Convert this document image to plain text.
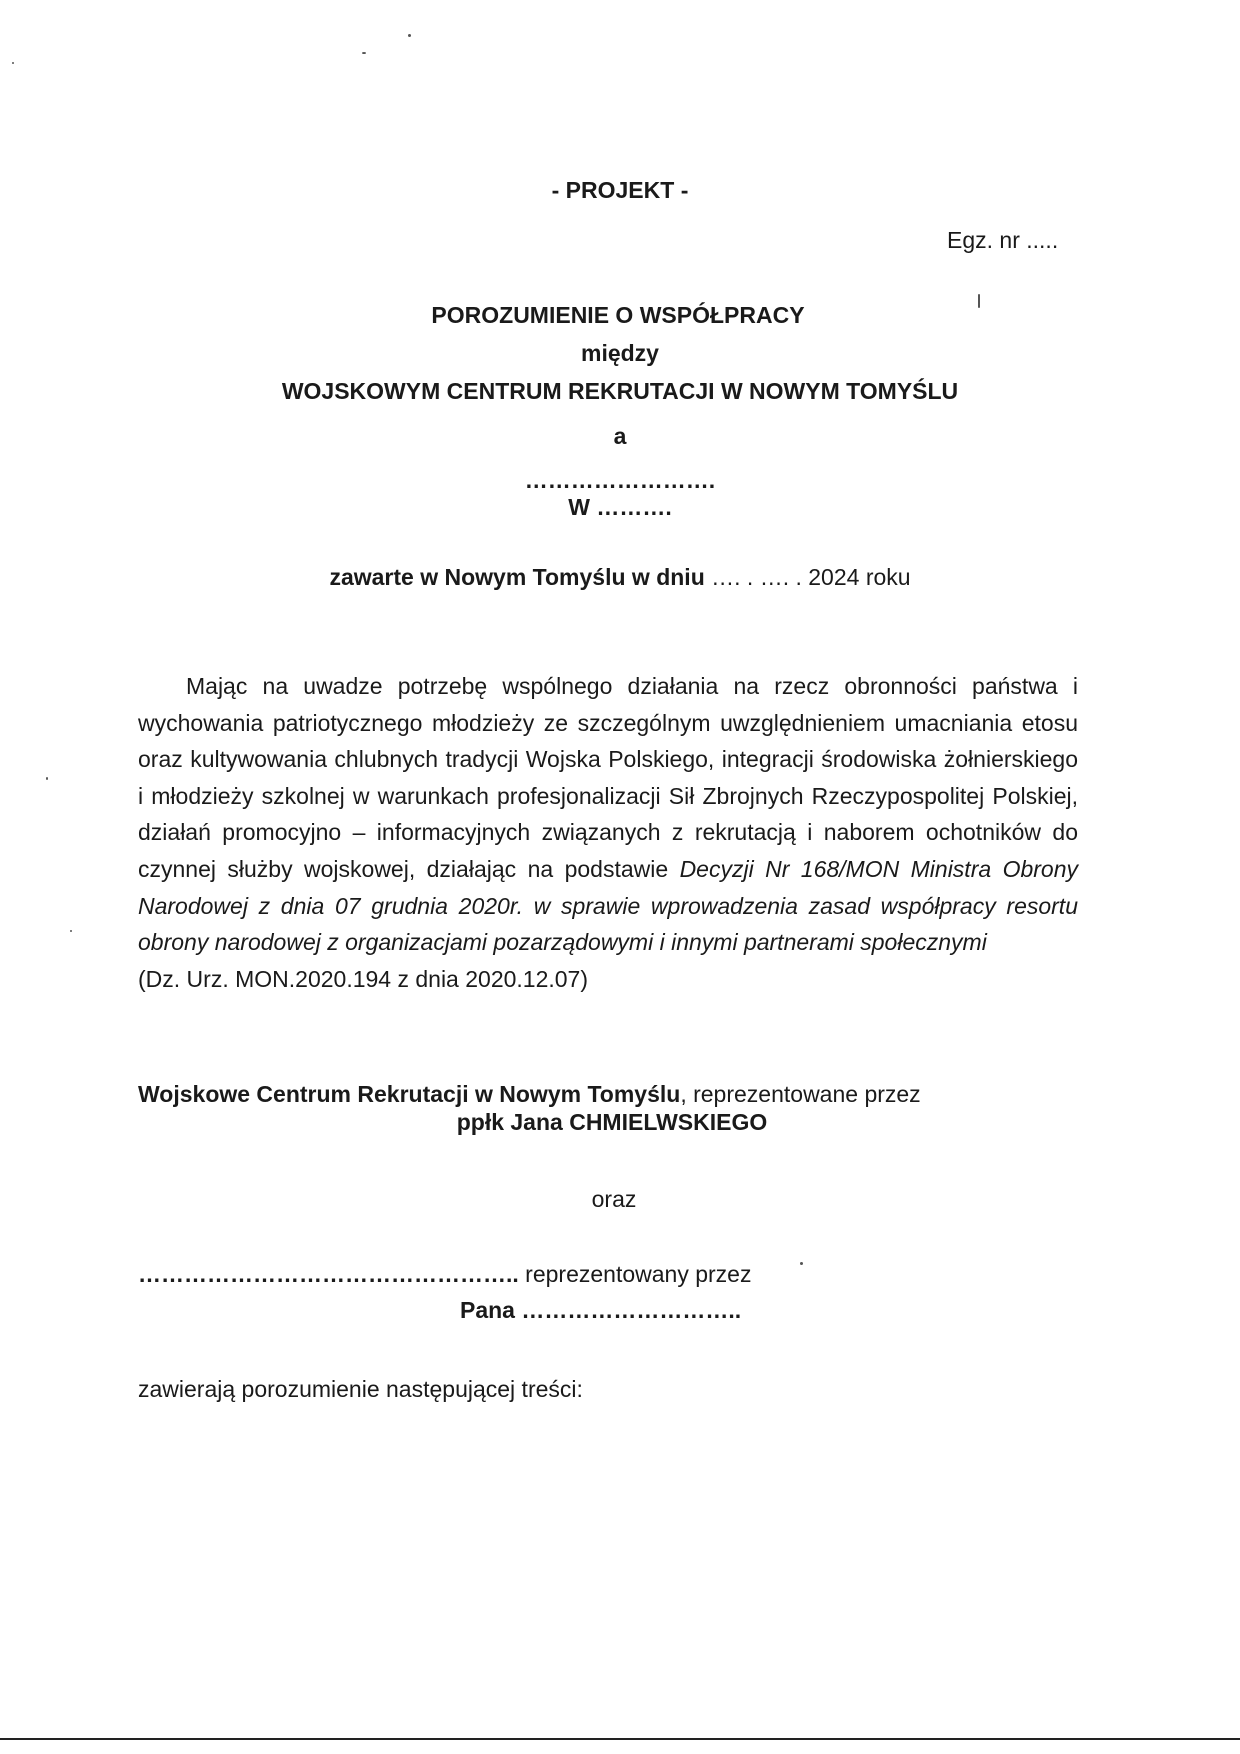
- PROJEKT -
Egz. nr .....
POROZUMIENIE O WSPÓŁPRACY
między
WOJSKOWYM CENTRUM REKRUTACJI W NOWYM TOMYŚLU
a
…………………….
W ……….
zawarte w Nowym Tomyślu w dniu …. . …. . 2024 roku

Mając na uwadze potrzebę wspólnego działania na rzecz obronności państwa i wychowania patriotycznego młodzieży ze szczególnym uwzględnieniem umacniania etosu oraz kultywowania chlubnych tradycji Wojska Polskiego, integracji środowiska żołnierskiego i młodzieży szkolnej w warunkach profesjonalizacji Sił Zbrojnych Rzeczypospolitej Polskiej, działań promocyjno – informacyjnych związanych z rekrutacją i naborem ochotników do czynnej służby wojskowej, działając na podstawie Decyzji Nr 168/MON Ministra Obrony Narodowej z dnia 07 grudnia 2020r. w sprawie wprowadzenia zasad współpracy resortu obrony narodowej z organizacjami pozarządowymi i innymi partnerami społecznymi
(Dz. Urz. MON.2020.194 z dnia 2020.12.07)

Wojskowe Centrum Rekrutacji w Nowym Tomyślu, reprezentowane przez
ppłk Jana CHMIELWSKIEGO
oraz
………………………………………….. reprezentowany przez
Pana ………………………..
zawierają porozumienie następującej treści:
